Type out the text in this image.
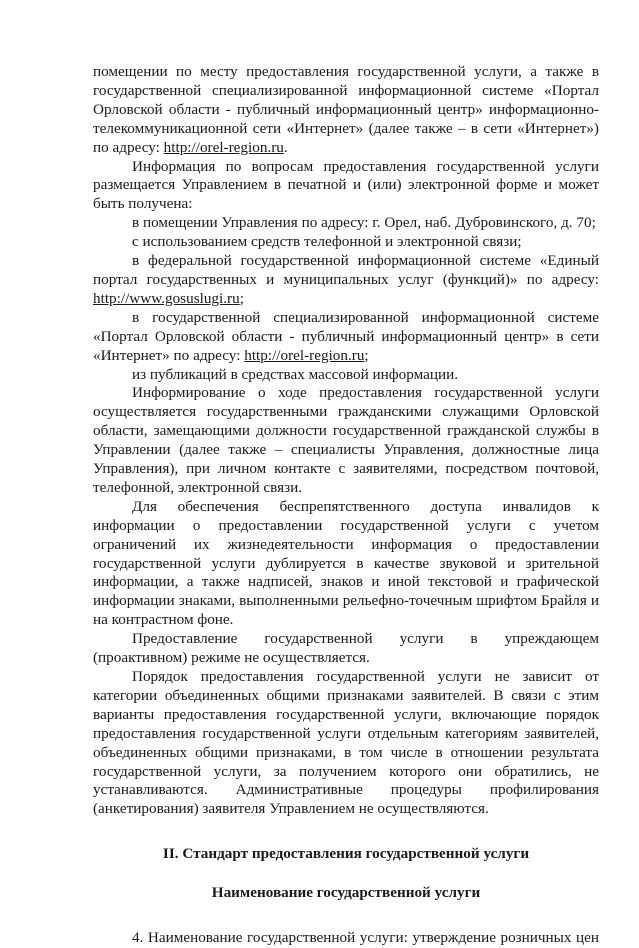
помещении по месту предоставления государственной услуги, а также в государственной специализированной информационной системе «Портал Орловской области - публичный информационный центр» информационно-телекоммуникационной сети «Интернет» (далее также – в сети «Интернет») по адресу: http://orel-region.ru.

Информация по вопросам предоставления государственной услуги размещается Управлением в печатной и (или) электронной форме и может быть получена:

в помещении Управления по адресу: г. Орел, наб. Дубровинского, д. 70;

с использованием средств телефонной и электронной связи;

в федеральной государственной информационной системе «Единый портал государственных и муниципальных услуг (функций)» по адресу: http://www.gosuslugi.ru;

в государственной специализированной информационной системе «Портал Орловской области - публичный информационный центр» в сети «Интернет» по адресу: http://orel-region.ru;

из публикаций в средствах массовой информации.

Информирование о ходе предоставления государственной услуги осуществляется государственными гражданскими служащими Орловской области, замещающими должности государственной гражданской службы в Управлении (далее также – специалисты Управления, должностные лица Управления), при личном контакте с заявителями, посредством почтовой, телефонной, электронной связи.

Для обеспечения беспрепятственного доступа инвалидов к информации о предоставлении государственной услуги с учетом ограничений их жизнедеятельности информация о предоставлении государственной услуги дублируется в качестве звуковой и зрительной информации, а также надписей, знаков и иной текстовой и графической информации знаками, выполненными рельефно-точечным шрифтом Брайля и на контрастном фоне.

Предоставление государственной услуги в упреждающем (проактивном) режиме не осуществляется.

Порядок предоставления государственной услуги не зависит от категории объединенных общими признаками заявителей. В связи с этим варианты предоставления государственной услуги, включающие порядок предоставления государственной услуги отдельным категориям заявителей, объединенных общими признаками, в том числе в отношении результата государственной услуги, за получением которого они обратились, не устанавливаются. Административные процедуры профилирования (анкетирования) заявителя Управлением не осуществляются.

II. Стандарт предоставления государственной услуги

Наименование государственной услуги

4. Наименование государственной услуги: утверждение розничных цен
